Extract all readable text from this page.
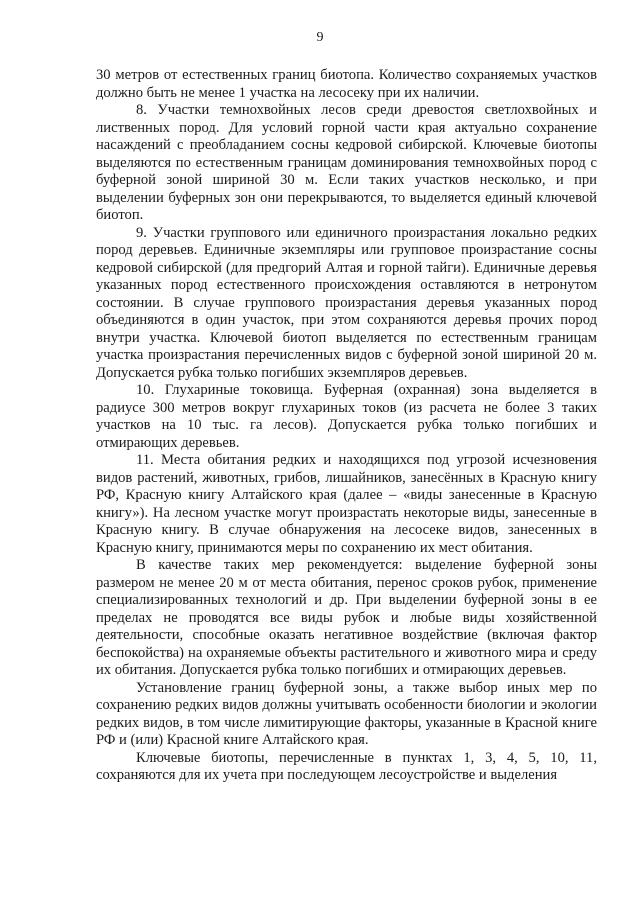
9

30 метров от естественных границ биотопа. Количество сохраняемых участков должно быть не менее 1 участка на лесосеку при их наличии.

8. Участки темнохвойных лесов среди древостоя светлохвойных и лиственных пород. Для условий горной части края актуально сохранение насаждений с преобладанием сосны кедровой сибирской. Ключевые биотопы выделяются по естественным границам доминирования темнохвойных пород с буферной зоной шириной 30 м. Если таких участков несколько, и при выделении буферных зон они перекрываются, то выделяется единый ключевой биотоп.

9. Участки группового или единичного произрастания локально редких пород деревьев. Единичные экземпляры или групповое произрастание сосны кедровой сибирской (для предгорий Алтая и горной тайги). Единичные деревья указанных пород естественного происхождения оставляются в нетронутом состоянии. В случае группового произрастания деревья указанных пород объединяются в один участок, при этом сохраняются деревья прочих пород внутри участка. Ключевой биотоп выделяется по естественным границам участка произрастания перечисленных видов с буферной зоной шириной 20 м. Допускается рубка только погибших экземпляров деревьев.

10. Глухариные токовища. Буферная (охранная) зона выделяется в радиусе 300 метров вокруг глухариных токов (из расчета не более 3 таких участков на 10 тыс. га лесов). Допускается рубка только погибших и отмирающих деревьев.

11. Места обитания редких и находящихся под угрозой исчезновения видов растений, животных, грибов, лишайников, занесённых в Красную книгу РФ, Красную книгу Алтайского края (далее – «виды занесенные в Красную книгу»). На лесном участке могут произрастать некоторые виды, занесенные в Красную книгу. В случае обнаружения на лесосеке видов, занесенных в Красную книгу, принимаются меры по сохранению их мест обитания.

В качестве таких мер рекомендуется: выделение буферной зоны размером не менее 20 м от места обитания, перенос сроков рубок, применение специализированных технологий и др. При выделении буферной зоны в ее пределах не проводятся все виды рубок и любые виды хозяйственной деятельности, способные оказать негативное воздействие (включая фактор беспокойства) на охраняемые объекты растительного и животного мира и среду их обитания. Допускается рубка только погибших и отмирающих деревьев.

Установление границ буферной зоны, а также выбор иных мер по сохранению редких видов должны учитывать особенности биологии и экологии редких видов, в том числе лимитирующие факторы, указанные в Красной книге РФ и (или) Красной книге Алтайского края.

Ключевые биотопы, перечисленные в пунктах 1, 3, 4, 5, 10, 11, сохраняются для их учета при последующем лесоустройстве и выделения
